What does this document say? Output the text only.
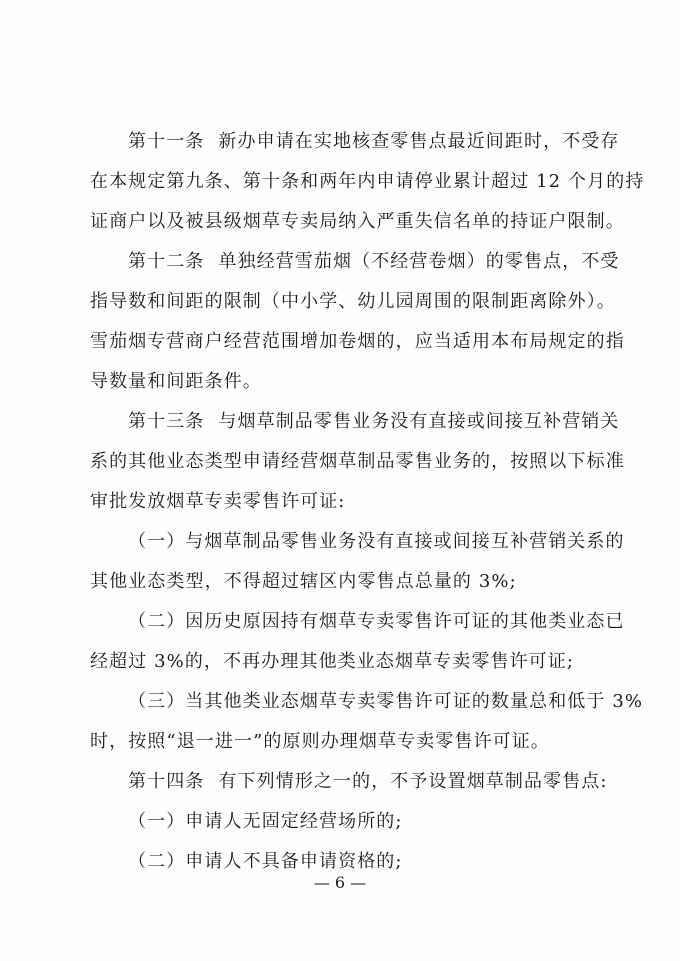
第十一条 新办申请在实地核查零售点最近间距时，不受存
在本规定第九条、第十条和两年内申请停业累计超过 12 个月的持
证商户以及被县级烟草专卖局纳入严重失信名单的持证户限制。
第十二条 单独经营雪茄烟（不经营卷烟）的零售点，不受
指导数和间距的限制（中小学、幼儿园周围的限制距离除外）。
雪茄烟专营商户经营范围增加卷烟的，应当适用本布局规定的指
导数量和间距条件。
第十三条 与烟草制品零售业务没有直接或间接互补营销关
系的其他业态类型申请经营烟草制品零售业务的，按照以下标准
审批发放烟草专卖零售许可证:
（一）与烟草制品零售业务没有直接或间接互补营销关系的
其他业态类型，不得超过辖区内零售点总量的 3%;
（二）因历史原因持有烟草专卖零售许可证的其他类业态已
经超过 3%的，不再办理其他类业态烟草专卖零售许可证;
（三）当其他类业态烟草专卖零售许可证的数量总和低于 3%
时，按照“退一进一”的原则办理烟草专卖零售许可证。
第十四条 有下列情形之一的，不予设置烟草制品零售点:
（一）申请人无固定经营场所的;
（二）申请人不具备申请资格的;
— 6 —
